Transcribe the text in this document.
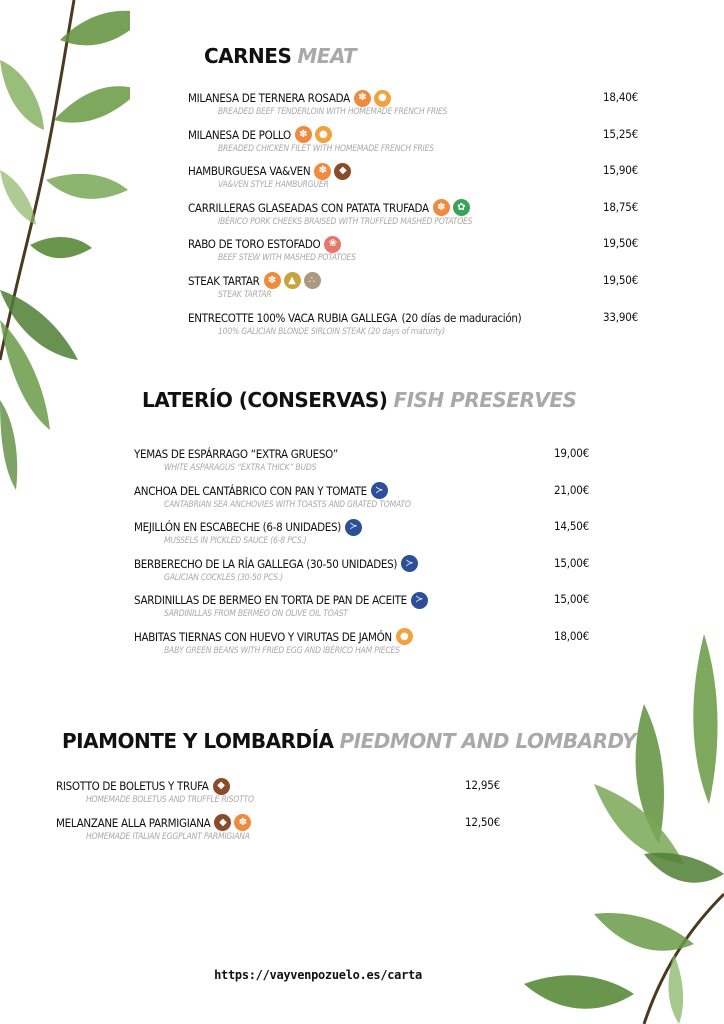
CARNES MEAT
MILANESA DE TERNERA ROSADA ✽	●	18,40€
BREADED BEEF TENDERLOIN WITH HOMEMADE FRENCH FRIES
MILANESA DE POLLO ✽	●	15,25€
BREADED CHICKEN FILET WITH HOMEMADE FRENCH FRIES
HAMBURGUESA VA&VEN ✽	◆	15,90€
VA&VEN STYLE HAMBURGUER
CARRILLERAS GLASEADAS CON PATATA TRUFADA ✽	✿	18,75€
IBÉRICO PORK CHEEKS BRAISED WITH TRUFFLED MASHED POTATOES
RABO DE TORO ESTOFADO ❀	19,50€
BEEF STEW WITH MASHED POTATOES
STEAK TARTAR ✽	▲	∴	19,50€
STEAK TARTAR
ENTRECOTTE 100% VACA RUBIA GALLEGA
(20 días de maduración)	33,90€
100% GALICIAN BLONDE SIRLOIN STEAK (20 days of maturity)
LATERÍO (CONSERVAS) FISH PRESERVES
YEMAS DE ESPÁRRAGO “EXTRA GRUESO”	19,00€
WHITE ASPARAGUS “EXTRA THICK” BUDS
ANCHOA DEL CANTÁBRICO CON PAN Y TOMATE ≻	21,00€
CANTABRIAN SEA ANCHOVIES WITH TOASTS AND GRATED TOMATO
MEJILLÓN EN ESCABECHE (6-8 UNIDADES) ≻	14,50€
MUSSELS IN PICKLED SAUCE (6-8 PCS.)
BERBERECHO DE LA RÍA GALLEGA (30-50 UNIDADES) ≻	15,00€
GALICIAN COCKLES (30-50 PCS.)
SARDINILLAS DE BERMEO EN TORTA DE PAN DE ACEITE ≻	15,00€
SARDINILLAS FROM BERMEO ON OLIVE OIL TOAST
HABITAS TIERNAS CON HUEVO Y VIRUTAS DE JAMÓN ●	18,00€
BABY GREEN BEANS WITH FRIED EGG AND IBÉRICO HAM PIECES
PIAMONTE Y LOMBARDÍA PIEDMONT AND LOMBARDY
RISOTTO DE BOLETUS Y TRUFA ◆	12,95€
HOMEMADE BOLETUS AND TRUFFLE RISOTTO
MELANZANE ALLA PARMIGIANA ◆	✽	12,50€
HOMEMADE ITALIAN EGGPLANT PARMIGIANA
https://vayvenpozuelo.es/carta
